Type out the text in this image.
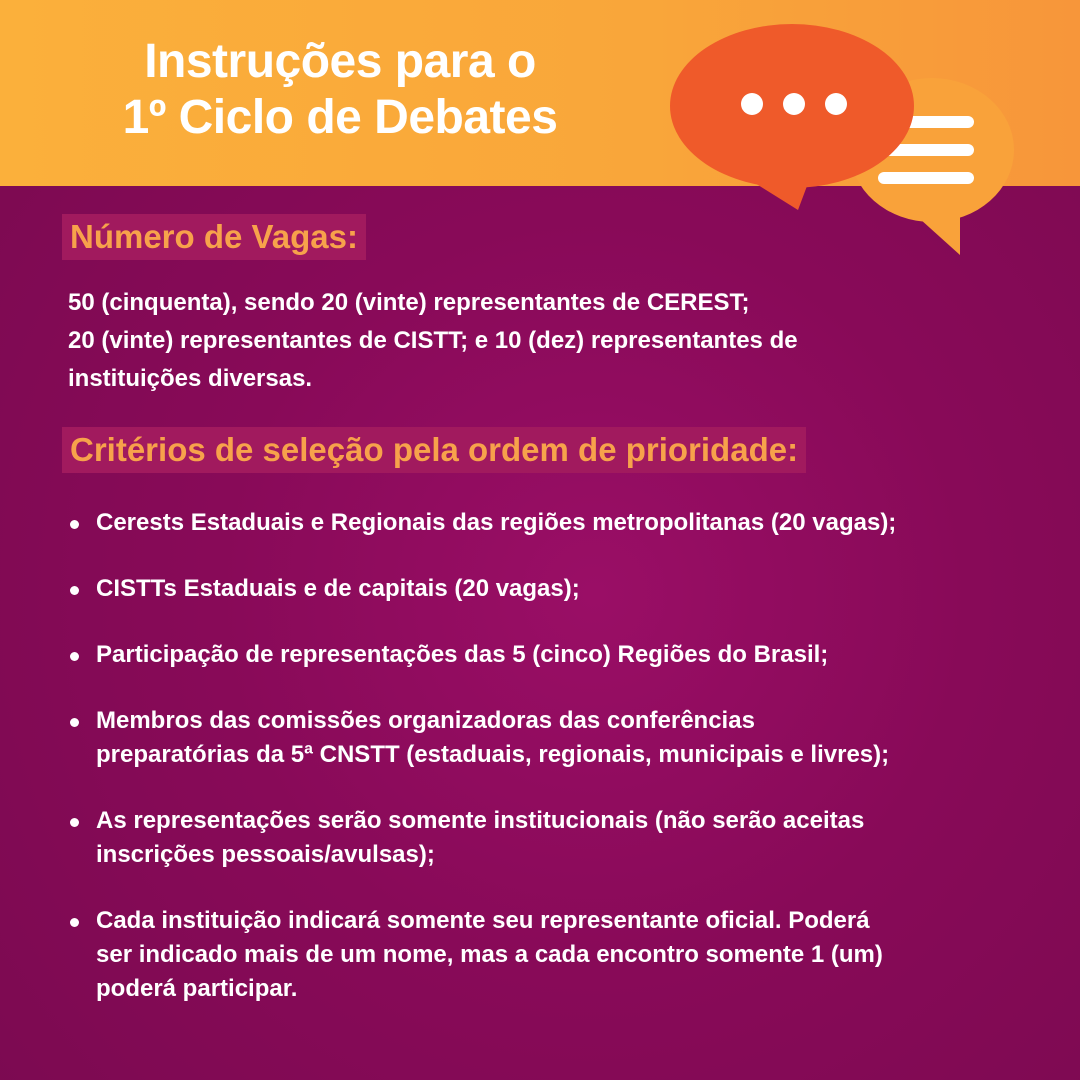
Instruções para o
1º Ciclo de Debates
Número de Vagas:

50 (cinquenta), sendo 20 (vinte) representantes de CEREST;
20 (vinte) representantes de CISTT; e 10 (dez) representantes de
instituições diversas.

Critérios de seleção pela ordem de prioridade:
Cerests Estaduais e Regionais das regiões metropolitanas (20 vagas);
CISTTs Estaduais e de capitais (20 vagas);
Participação de representações das 5 (cinco) Regiões do Brasil;
Membros das comissões organizadoras das conferências
preparatórias da 5ª CNSTT (estaduais, regionais, municipais e livres);
As representações serão somente institucionais (não serão aceitas
inscrições pessoais/avulsas);
Cada instituição indicará somente seu representante oficial. Poderá
ser indicado mais de um nome, mas a cada encontro somente 1 (um)
poderá participar.
